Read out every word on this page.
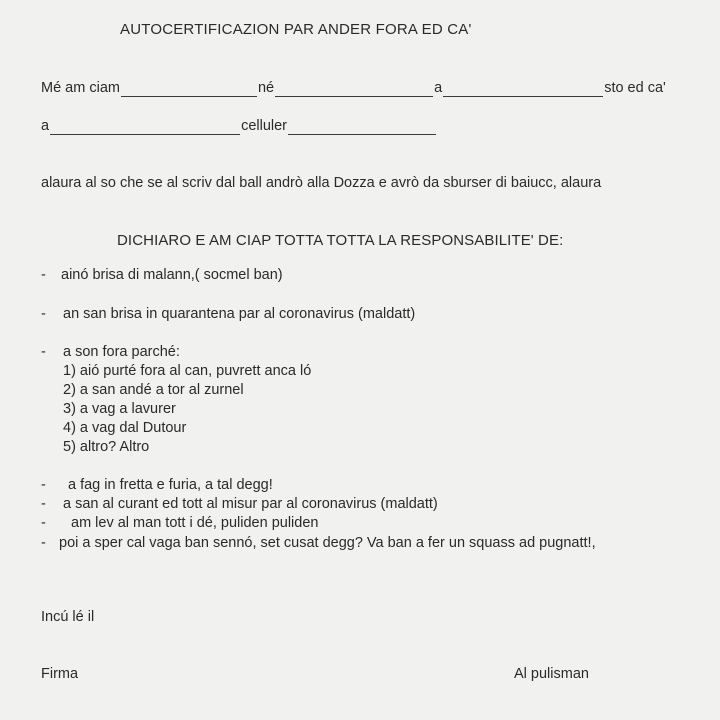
AUTOCERTIFICAZION PAR ANDER FORA ED CA'
Mé am ciam	né	a	sto ed ca'
a	celluler
alaura al so che se al scriv dal ball andrò alla Dozza e avrò da sburser di baiucc, alaura
DICHIARO E AM CIAP TOTTA TOTTA LA RESPONSABILITE' DE:
-	ainó brisa di malann,( socmel ban)
-	an san brisa in quarantena par al coronavirus (maldatt)
-	a son fora parché:
1) aió purté fora al can, puvrett anca ló
2) a san andé a tor al zurnel
3) a vag a lavurer
4) a vag dal Dutour
5) altro? Altro
-	a fag in fretta e furia, a tal degg!
-	a san al curant ed tott al misur par al coronavirus (maldatt)
-	am lev al man tott i dé, puliden puliden
- poi a sper cal vaga ban sennó, set cusat degg? Va ban a fer un squass ad pugnatt!,
Incú lé il
Firma	Al pulisman
